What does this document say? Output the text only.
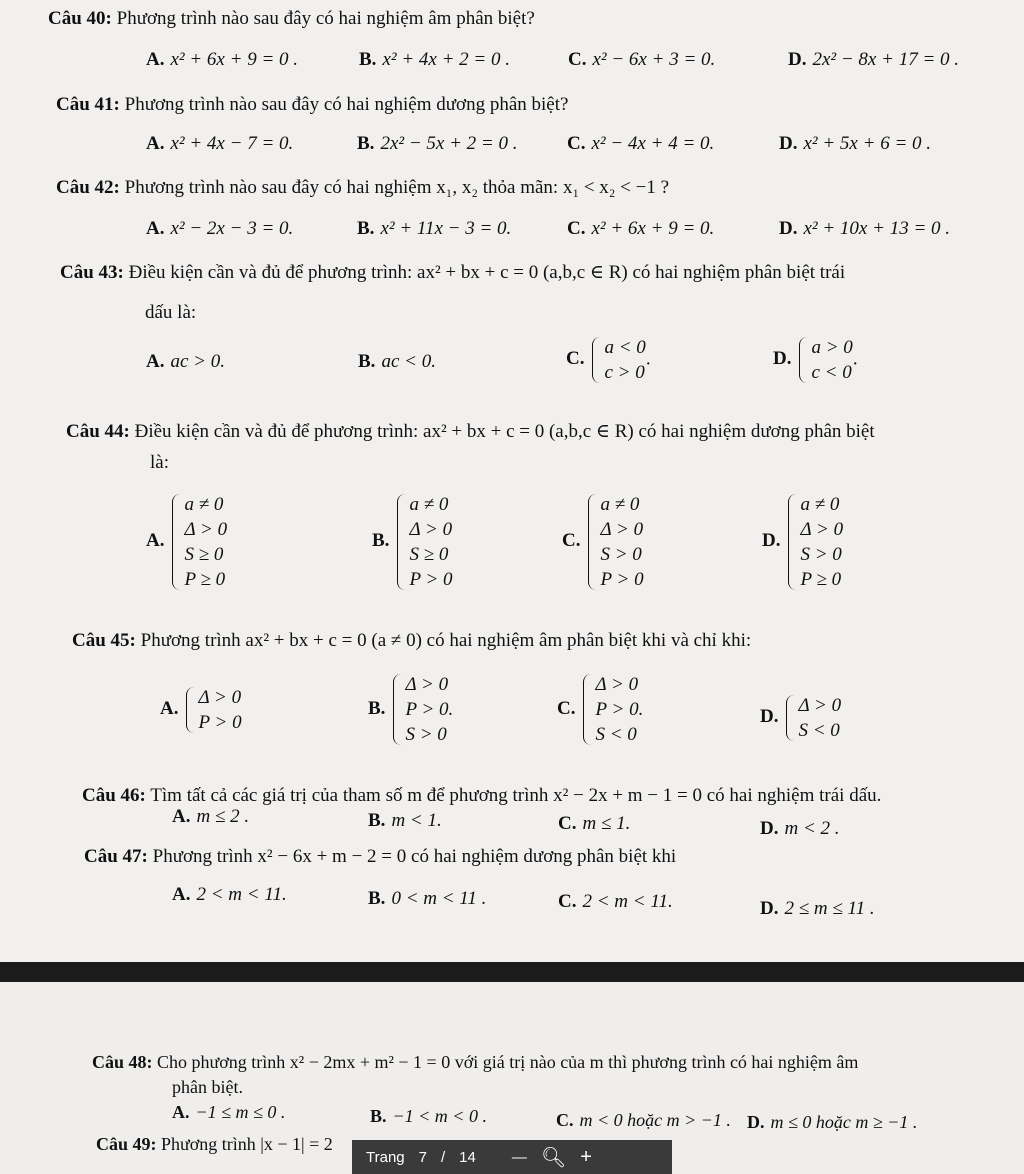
Câu 40: Phương trình nào sau đây có hai nghiệm âm phân biệt?
A. x² + 6x + 9 = 0 .	B. x² + 4x + 2 = 0 .	C. x² − 6x + 3 = 0.	D. 2x² − 8x + 17 = 0 .
Câu 41: Phương trình nào sau đây có hai nghiệm dương phân biệt?
A. x² + 4x − 7 = 0.	B. 2x² − 5x + 2 = 0 .	C. x² − 4x + 4 = 0.	D. x² + 5x + 6 = 0 .
Câu 42: Phương trình nào sau đây có hai nghiệm x₁, x₂ thỏa mãn: x₁ < x₂ < −1 ?
A. x² − 2x − 3 = 0.	B. x² + 11x − 3 = 0.	C. x² + 6x + 9 = 0.	D. x² + 10x + 13 = 0 .
Câu 43: Điều kiện cần và đủ để phương trình: ax² + bx + c = 0 (a,b,c ∈ R) có hai nghiệm phân biệt trái
dấu là:
A. ac > 0.	B. ac < 0.	C.
a < 0
c > 0
.	D.
a > 0
c < 0
.
Câu 44: Điều kiện cần và đủ để phương trình: ax² + bx + c = 0 (a,b,c ∈ R) có hai nghiệm dương phân biệt
là:
A.
a ≠ 0
Δ > 0
S ≥ 0
P ≥ 0
B.
a ≠ 0
Δ > 0
S ≥ 0
P > 0
C.
a ≠ 0
Δ > 0
S > 0
P > 0
D.
a ≠ 0
Δ > 0
S > 0
P ≥ 0
Câu 45: Phương trình ax² + bx + c = 0 (a ≠ 0) có hai nghiệm âm phân biệt khi và chỉ khi:
A.
Δ > 0
P > 0
B.
Δ > 0
P > 0.
S > 0
C.
Δ > 0
P > 0.
S < 0
D.
Δ > 0
S < 0
Câu 46: Tìm tất cả các giá trị của tham số m để phương trình x² − 2x + m − 1 = 0 có hai nghiệm trái dấu.
A. m ≤ 2 .	B. m < 1.	C. m ≤ 1.	D. m < 2 .
Câu 47: Phương trình x² − 6x + m − 2 = 0 có hai nghiệm dương phân biệt khi
A. 2 < m < 11.	B. 0 < m < 11 .	C. 2 < m < 11.	D. 2 ≤ m ≤ 11 .
Câu 48: Cho phương trình x² − 2mx + m² − 1 = 0 với giá trị nào của m thì phương trình có hai nghiệm âm
phân biệt.
A. −1 ≤ m ≤ 0 .	B. −1 < m < 0 .	C. m < 0 hoặc m > −1 . D. m ≤ 0 hoặc m ≥ −1 .
Câu 49: Phương trình |x − 1| = 2
Trang 7 / 14 — 🔍︎ +
